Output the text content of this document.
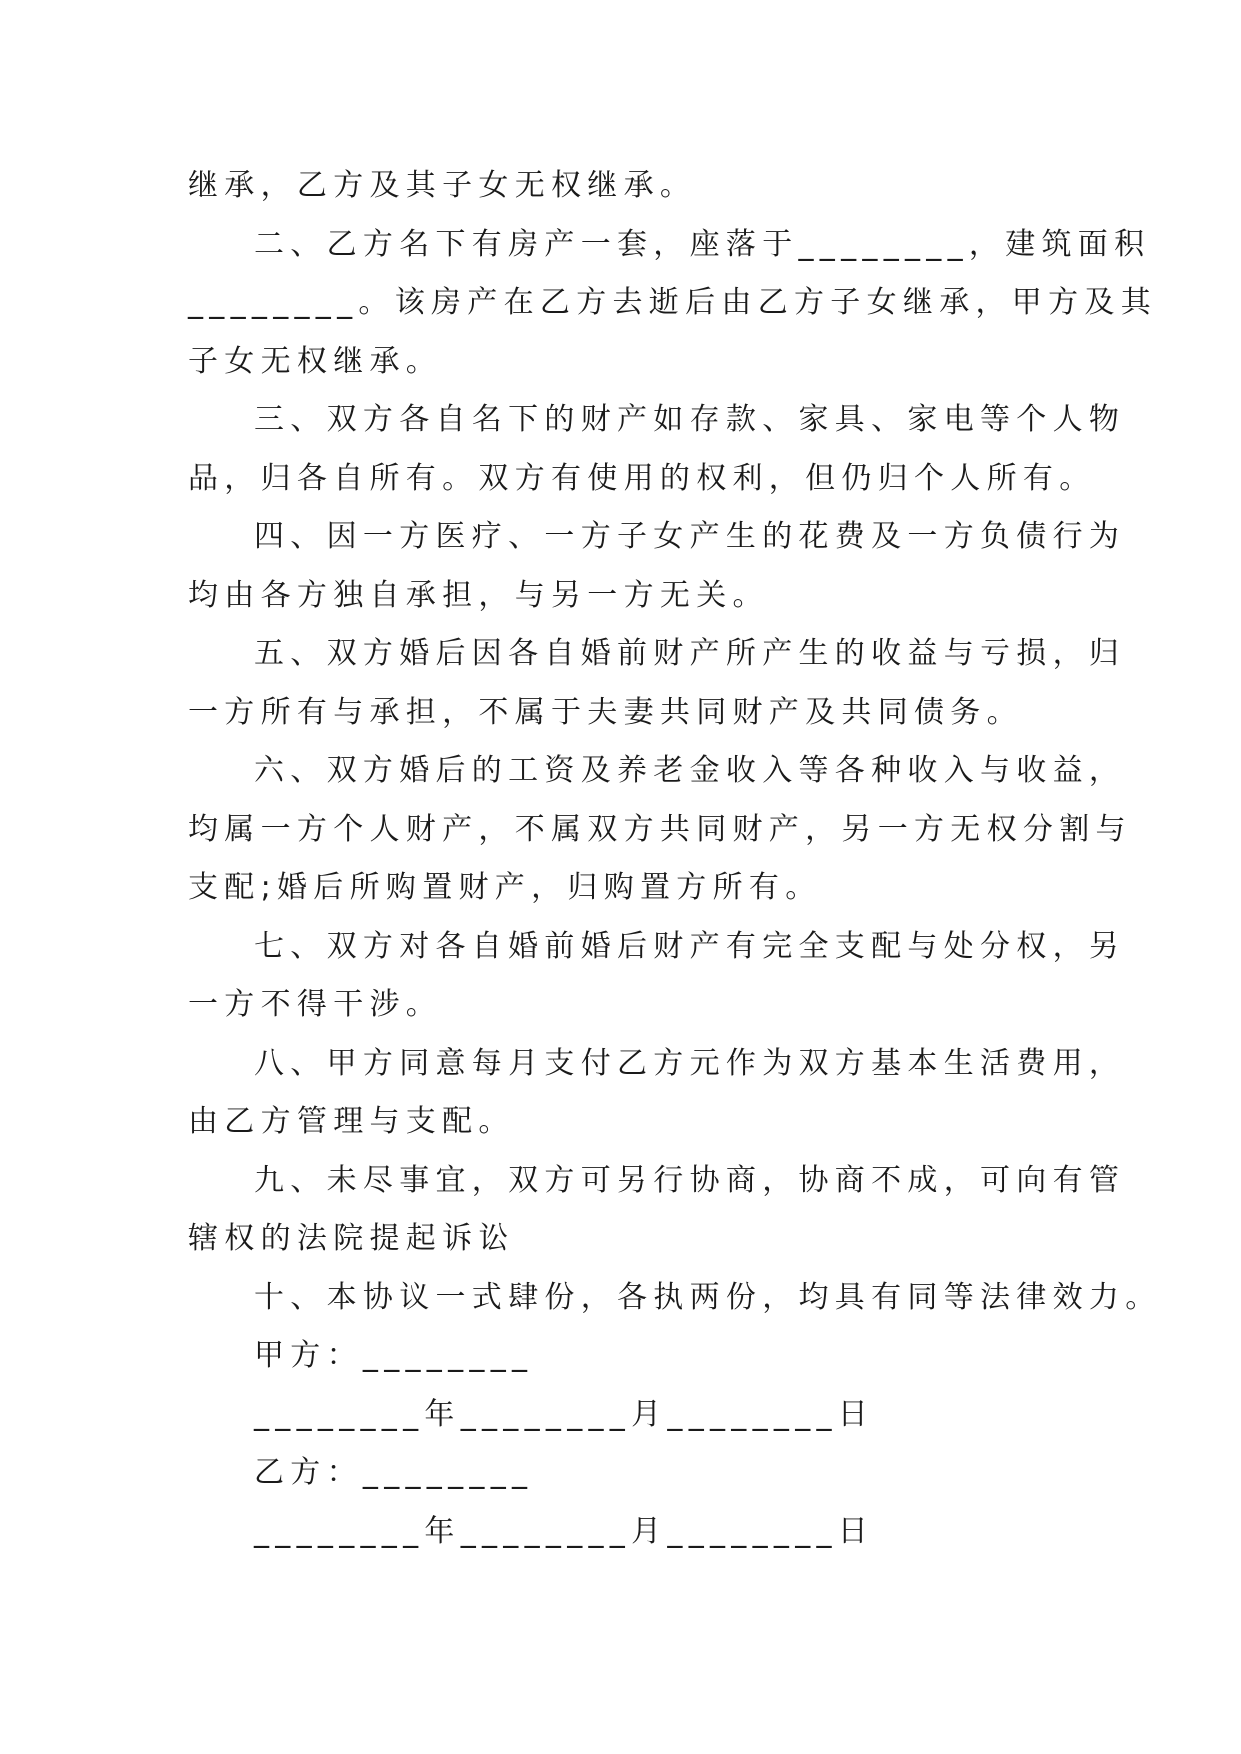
继承，乙方及其子女无权继承。
二、乙方名下有房产一套，座落于________，建筑面积
________。该房产在乙方去逝后由乙方子女继承，甲方及其
子女无权继承。
三、双方各自名下的财产如存款、家具、家电等个人物
品，归各自所有。双方有使用的权利，但仍归个人所有。
四、因一方医疗、一方子女产生的花费及一方负债行为
均由各方独自承担，与另一方无关。
五、双方婚后因各自婚前财产所产生的收益与亏损，归
一方所有与承担，不属于夫妻共同财产及共同债务。
六、双方婚后的工资及养老金收入等各种收入与收益，
均属一方个人财产，不属双方共同财产，另一方无权分割与
支配;婚后所购置财产，归购置方所有。
七、双方对各自婚前婚后财产有完全支配与处分权，另
一方不得干涉。
八、甲方同意每月支付乙方元作为双方基本生活费用，
由乙方管理与支配。
九、未尽事宜，双方可另行协商，协商不成，可向有管
辖权的法院提起诉讼
十、本协议一式肆份，各执两份，均具有同等法律效力。
甲方：________
________年________月________日
乙方：________
________年________月________日
